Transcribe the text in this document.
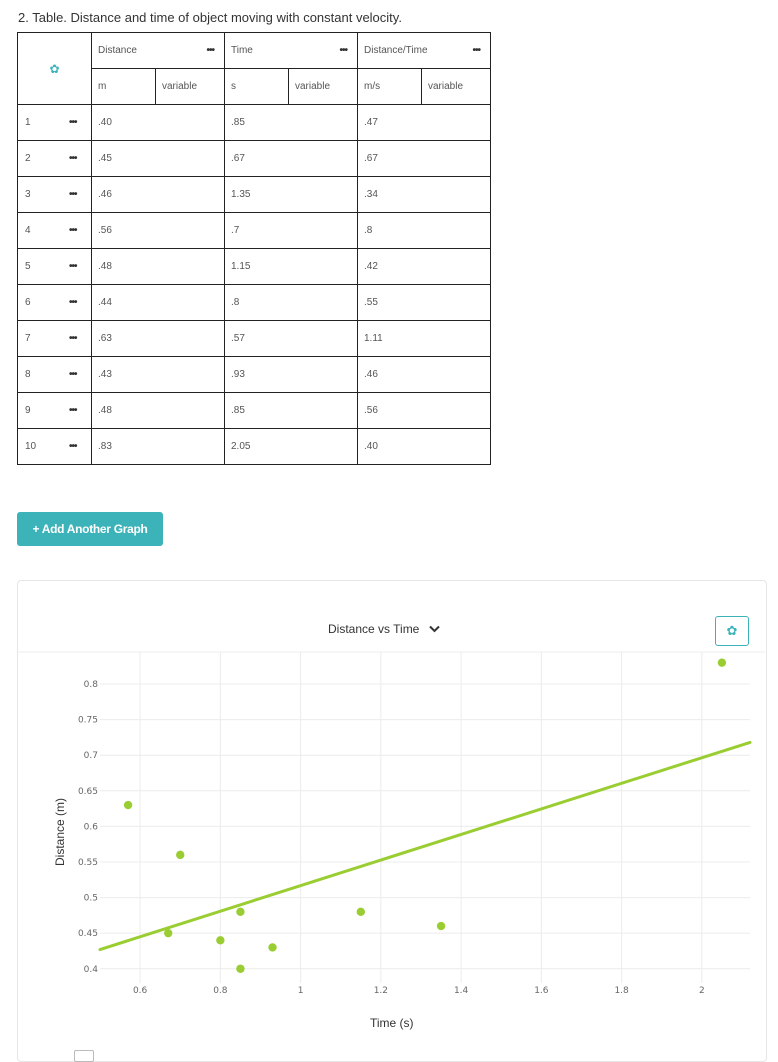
2. Table. Distance and time of object moving with constant velocity.
✿		Distance •••		Time •••		Distance/Time •••	

		m	variable	s	variable	m/s	variable
1	•••	.40		.85		.47	
2	•••	.45		.67		.67	
3	•••	.46		1.35		.34	
4	•••	.56		.7		.8	
5	•••	.48		1.15		.42	
6	•••	.44		.8		.55	
7	•••	.63		.57		1.11	
8	•••	.43		.93		.46	
9	•••	.48		.85		.56	
10	•••	.83		2.05		.40	
+ Add Another Graph
0.6	0.8	1	1.2	1.4	1.6	1.8	2
0.4
0.45
0.5
0.55
0.6
0.65
0.7
0.75
0.8
Distance vs Time	✿
Distance (m)
Time (s)
